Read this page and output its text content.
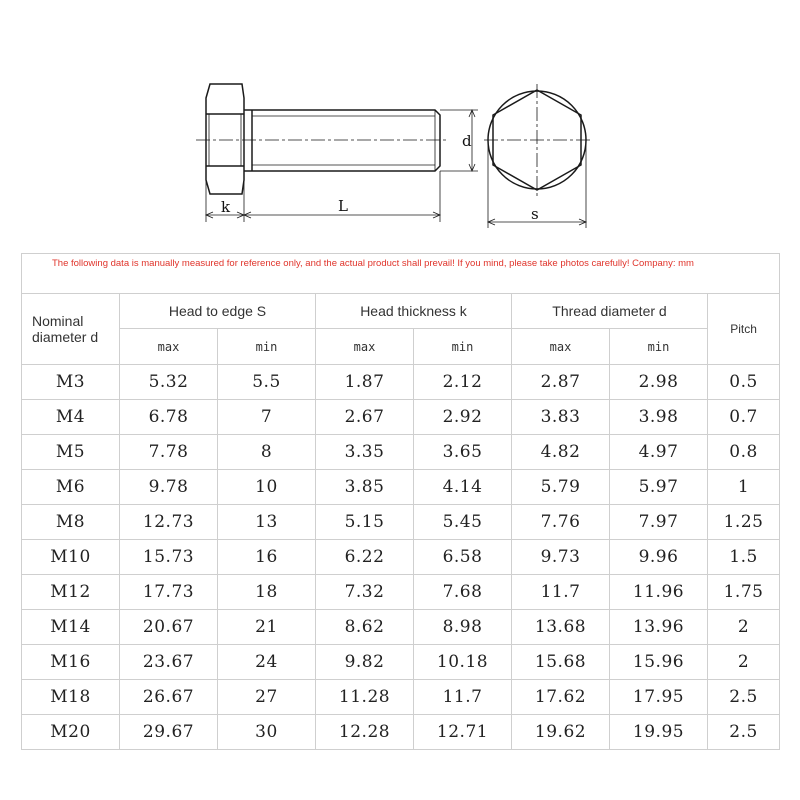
k	L
d
s
The following data is manually measured for reference only, and the actual product shall prevail! If you mind, please take photos carefully! Company: mm							
Nominal diameter d	Head to edge S		Head thickness k		Thread diameter d		Pitch
	max	min	max	min	max	min	
M3	5.32	5.5	1.87	2.12	2.87	2.98	0.5
M4	6.78	7	2.67	2.92	3.83	3.98	0.7
M5	7.78	8	3.35	3.65	4.82	4.97	0.8
M6	9.78	10	3.85	4.14	5.79	5.97	1
M8	12.73	13	5.15	5.45	7.76	7.97	1.25
M10	15.73	16	6.22	6.58	9.73	9.96	1.5
M12	17.73	18	7.32	7.68	11.7	11.96	1.75
M14	20.67	21	8.62	8.98	13.68	13.96	2
M16	23.67	24	9.82	10.18	15.68	15.96	2
M18	26.67	27	11.28	11.7	17.62	17.95	2.5
M20	29.67	30	12.28	12.71	19.62	19.95	2.5
